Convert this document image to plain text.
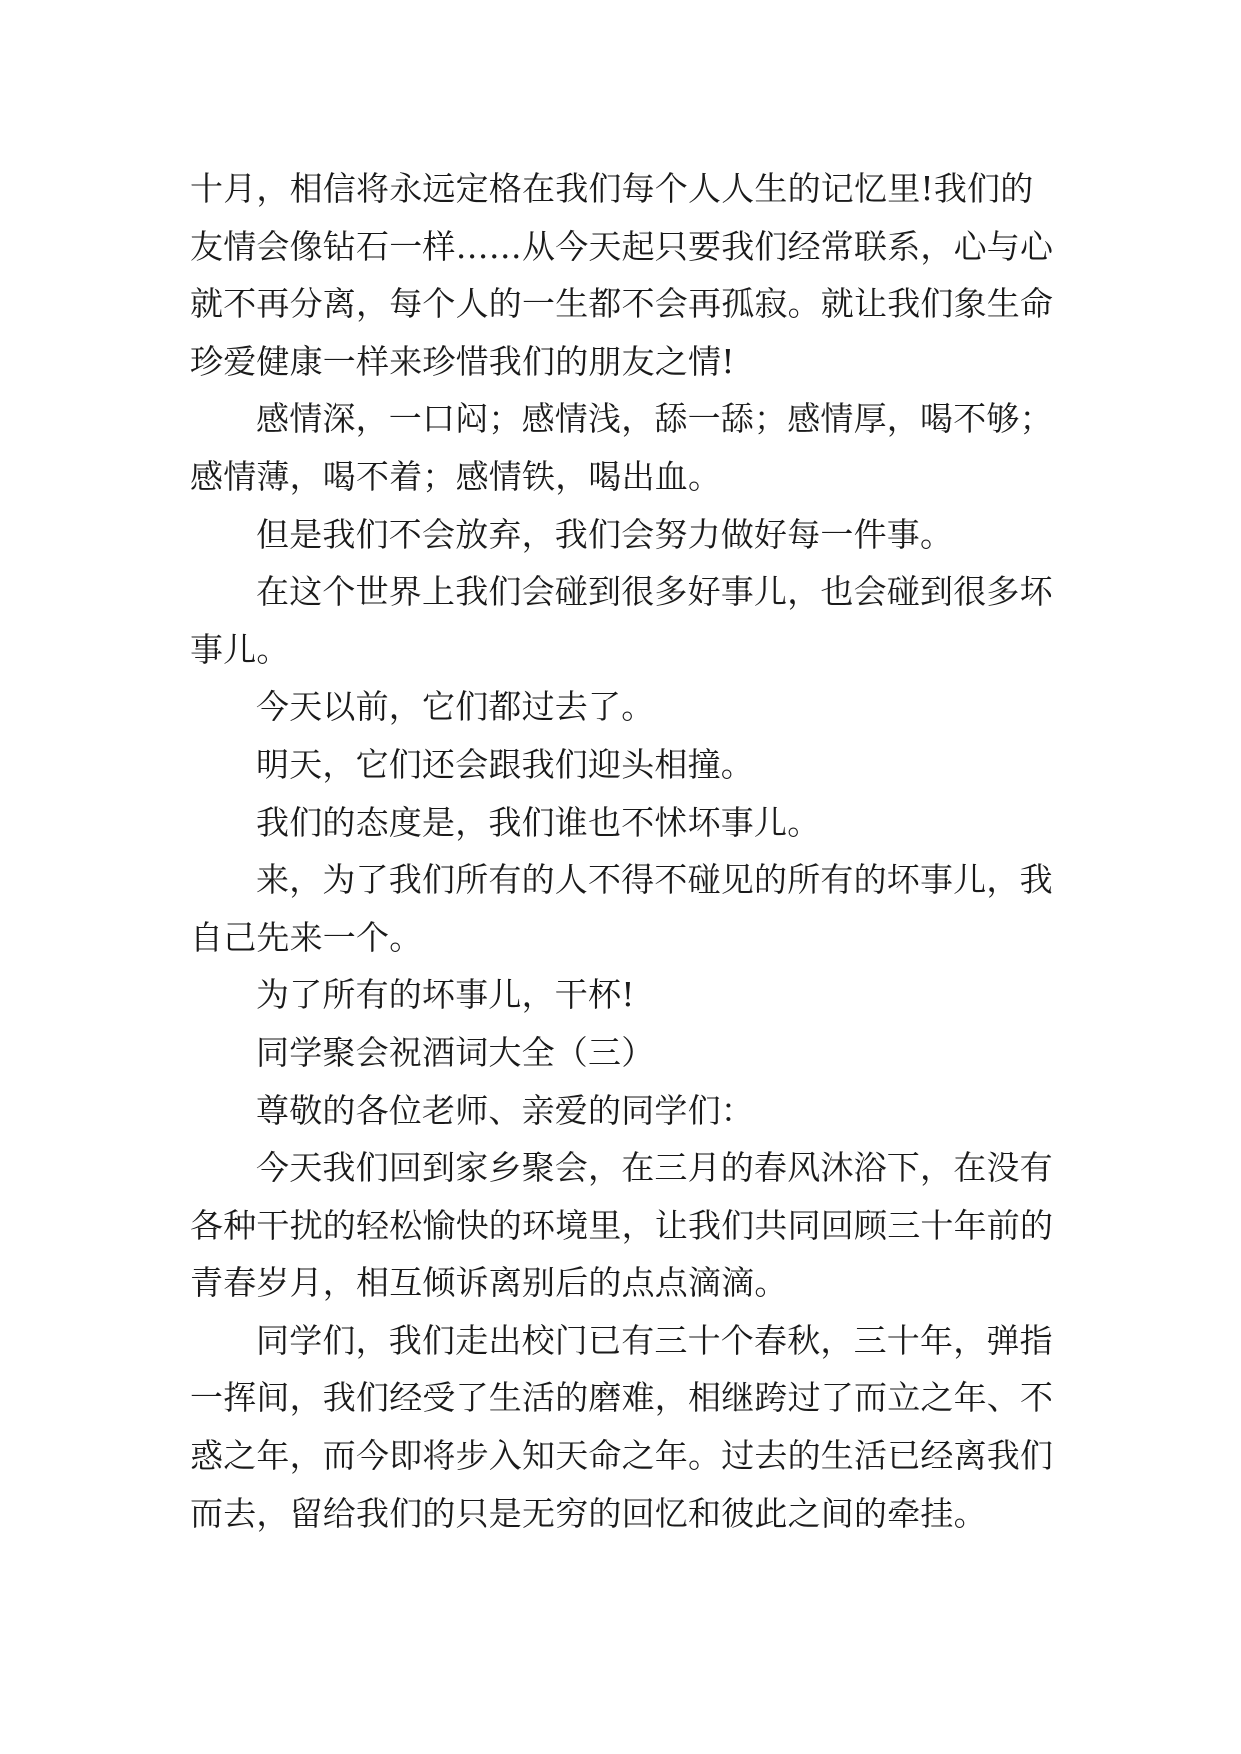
十月，相信将永远定格在我们每个人人生的记忆里!我们的
友情会像钻石一样……从今天起只要我们经常联系，心与心
就不再分离，每个人的一生都不会再孤寂。就让我们象生命
珍爱健康一样来珍惜我们的朋友之情!
感情深，一口闷；感情浅，舔一舔；感情厚，喝不够；
感情薄，喝不着；感情铁，喝出血。
但是我们不会放弃，我们会努力做好每一件事。
在这个世界上我们会碰到很多好事儿，也会碰到很多坏
事儿。
今天以前，它们都过去了。
明天，它们还会跟我们迎头相撞。
我们的态度是，我们谁也不怵坏事儿。
来，为了我们所有的人不得不碰见的所有的坏事儿，我
自己先来一个。
为了所有的坏事儿，干杯!
同学聚会祝酒词大全（三）
尊敬的各位老师、亲爱的同学们：
今天我们回到家乡聚会，在三月的春风沐浴下，在没有
各种干扰的轻松愉快的环境里，让我们共同回顾三十年前的
青春岁月，相互倾诉离别后的点点滴滴。
同学们，我们走出校门已有三十个春秋，三十年，弹指
一挥间，我们经受了生活的磨难，相继跨过了而立之年、不
惑之年，而今即将步入知天命之年。过去的生活已经离我们
而去，留给我们的只是无穷的回忆和彼此之间的牵挂。
